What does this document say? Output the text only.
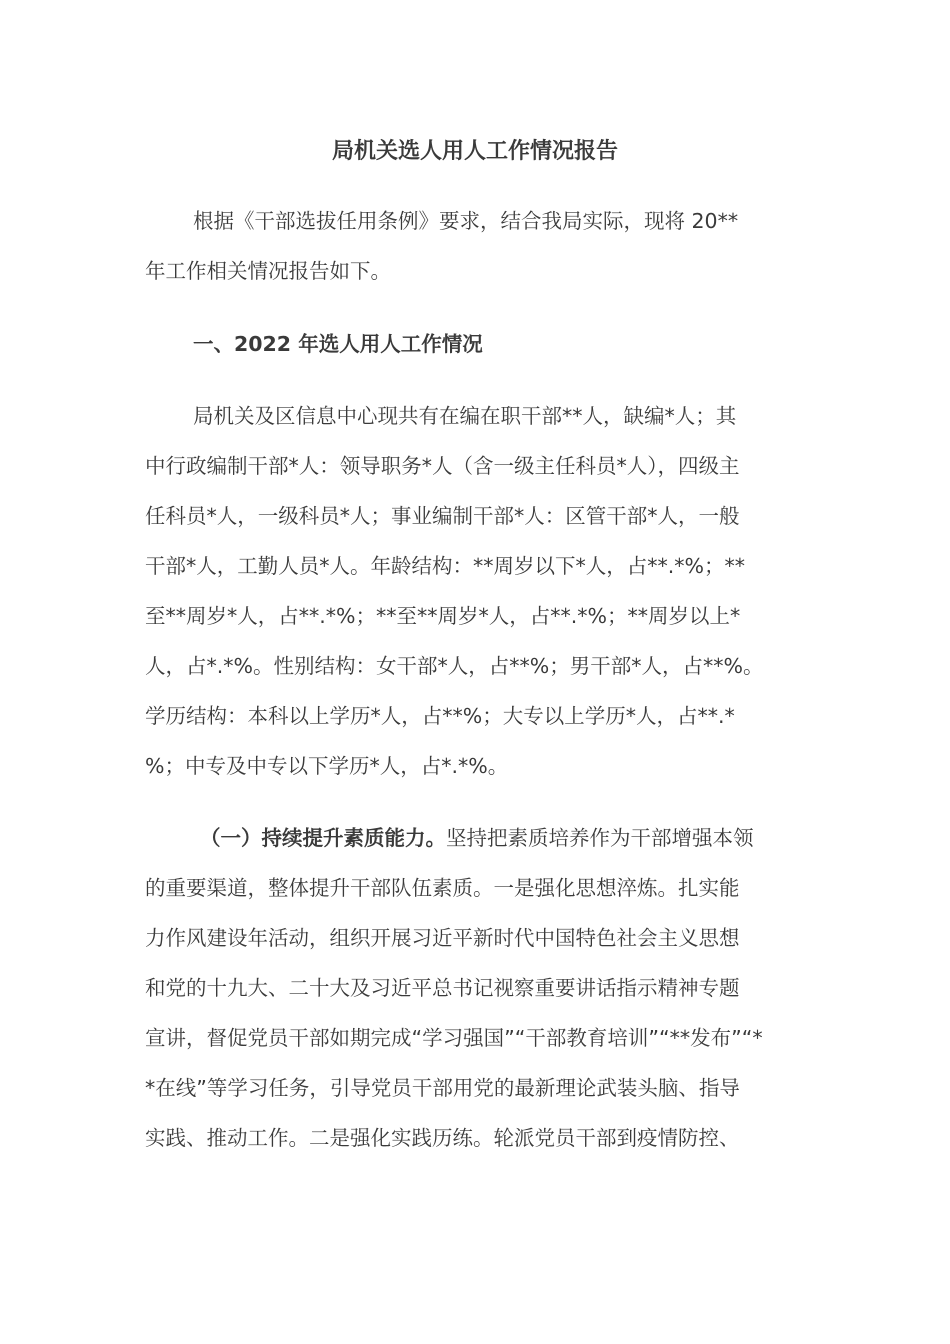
局机关选人用人工作情况报告

根据《干部选拔任用条例》要求，结合我局实际，现将 20**

年工作相关情况报告如下。

一、2022 年选人用人工作情况

局机关及区信息中心现共有在编在职干部**人，缺编*人；其

中行政编制干部*人：领导职务*人（含一级主任科员*人），四级主

任科员*人，一级科员*人；事业编制干部*人：区管干部*人，一般

干部*人，工勤人员*人。年龄结构：**周岁以下*人，占**.*%；**

至**周岁*人，占**.*%；**至**周岁*人，占**.*%；**周岁以上*

人，占*.*%。性别结构：女干部*人，占**%；男干部*人，占**%。

学历结构：本科以上学历*人，占**%；大专以上学历*人，占**.*

%；中专及中专以下学历*人，占*.*%。

（一）持续提升素质能力。坚持把素质培养作为干部增强本领

的重要渠道，整体提升干部队伍素质。一是强化思想淬炼。扎实能

力作风建设年活动，组织开展习近平新时代中国特色社会主义思想

和党的十九大、二十大及习近平总书记视察重要讲话指示精神专题

宣讲，督促党员干部如期完成“学习强国”“干部教育培训”“**发布”“*

*在线”等学习任务，引导党员干部用党的最新理论武装头脑、指导

实践、推动工作。二是强化实践历练。轮派党员干部到疫情防控、
